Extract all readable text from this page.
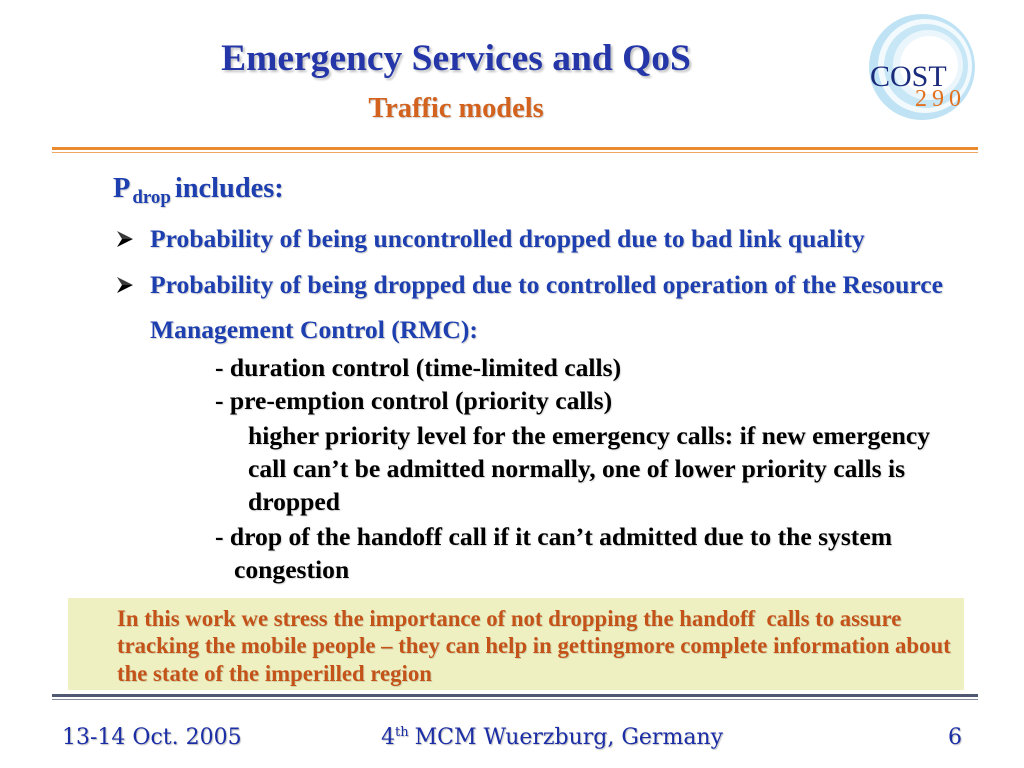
Emergency Services and QoS
Traffic models
COST
290
P $_{drop}$ includes:
Probability of being uncontrolled dropped due to bad link quality
Probability of being dropped due to controlled operation of the Resource
Management Control (RMC):
- duration control (time-limited calls)
- pre-emption control (priority calls)
higher priority level for the emergency calls: if new emergency
call can’t be admitted normally, one of lower priority calls is
dropped
- drop of the handoff call if it can’t admitted due to the system
congestion
In this work we stress the importance of not dropping the handoff  calls to assure
tracking the mobile people – they can help in gettingmore complete information about
the state of the imperilled region
13-14 Oct. 2005	4th MCM Wuerzburg, Germany	6
